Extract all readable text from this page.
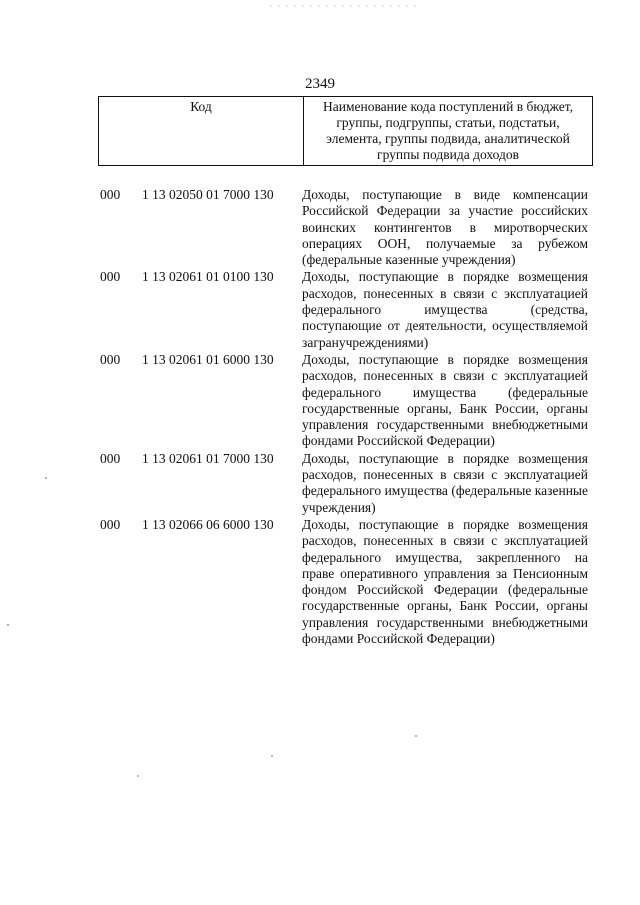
2349
Код	Наименование кода поступлений в бюджет, группы, подгруппы, статьи, подстатьи, элемента, группы подвида, аналитической группы подвида доходов
000	1 13 02050 01 7000 130	Доходы, поступающие в виде компенсации Российской Федерации за участие российских воинских контингентов в миротворческих операциях ООН, получаемые за рубежом (федеральные казенные учреждения)
000	1 13 02061 01 0100 130	Доходы, поступающие в порядке возмещения расходов, понесенных в связи с эксплуатацией федерального имущества (средства, поступающие от деятельности, осуществляемой загранучреждениями)
000	1 13 02061 01 6000 130	Доходы, поступающие в порядке возмещения расходов, понесенных в связи с эксплуатацией федерального имущества (федеральные государственные органы, Банк России, органы управления государственными внебюджетными фондами Российской Федерации)
000	1 13 02061 01 7000 130	Доходы, поступающие в порядке возмещения расходов, понесенных в связи с эксплуатацией федерального имущества (федеральные казенные учреждения)
000	1 13 02066 06 6000 130	Доходы, поступающие в порядке возмещения расходов, понесенных в связи с эксплуатацией федерального имущества, закрепленного на праве оперативного управления за Пенсионным фондом Российской Федерации (федеральные государственные органы, Банк России, органы управления государственными внебюджетными фондами Российской Федерации)
